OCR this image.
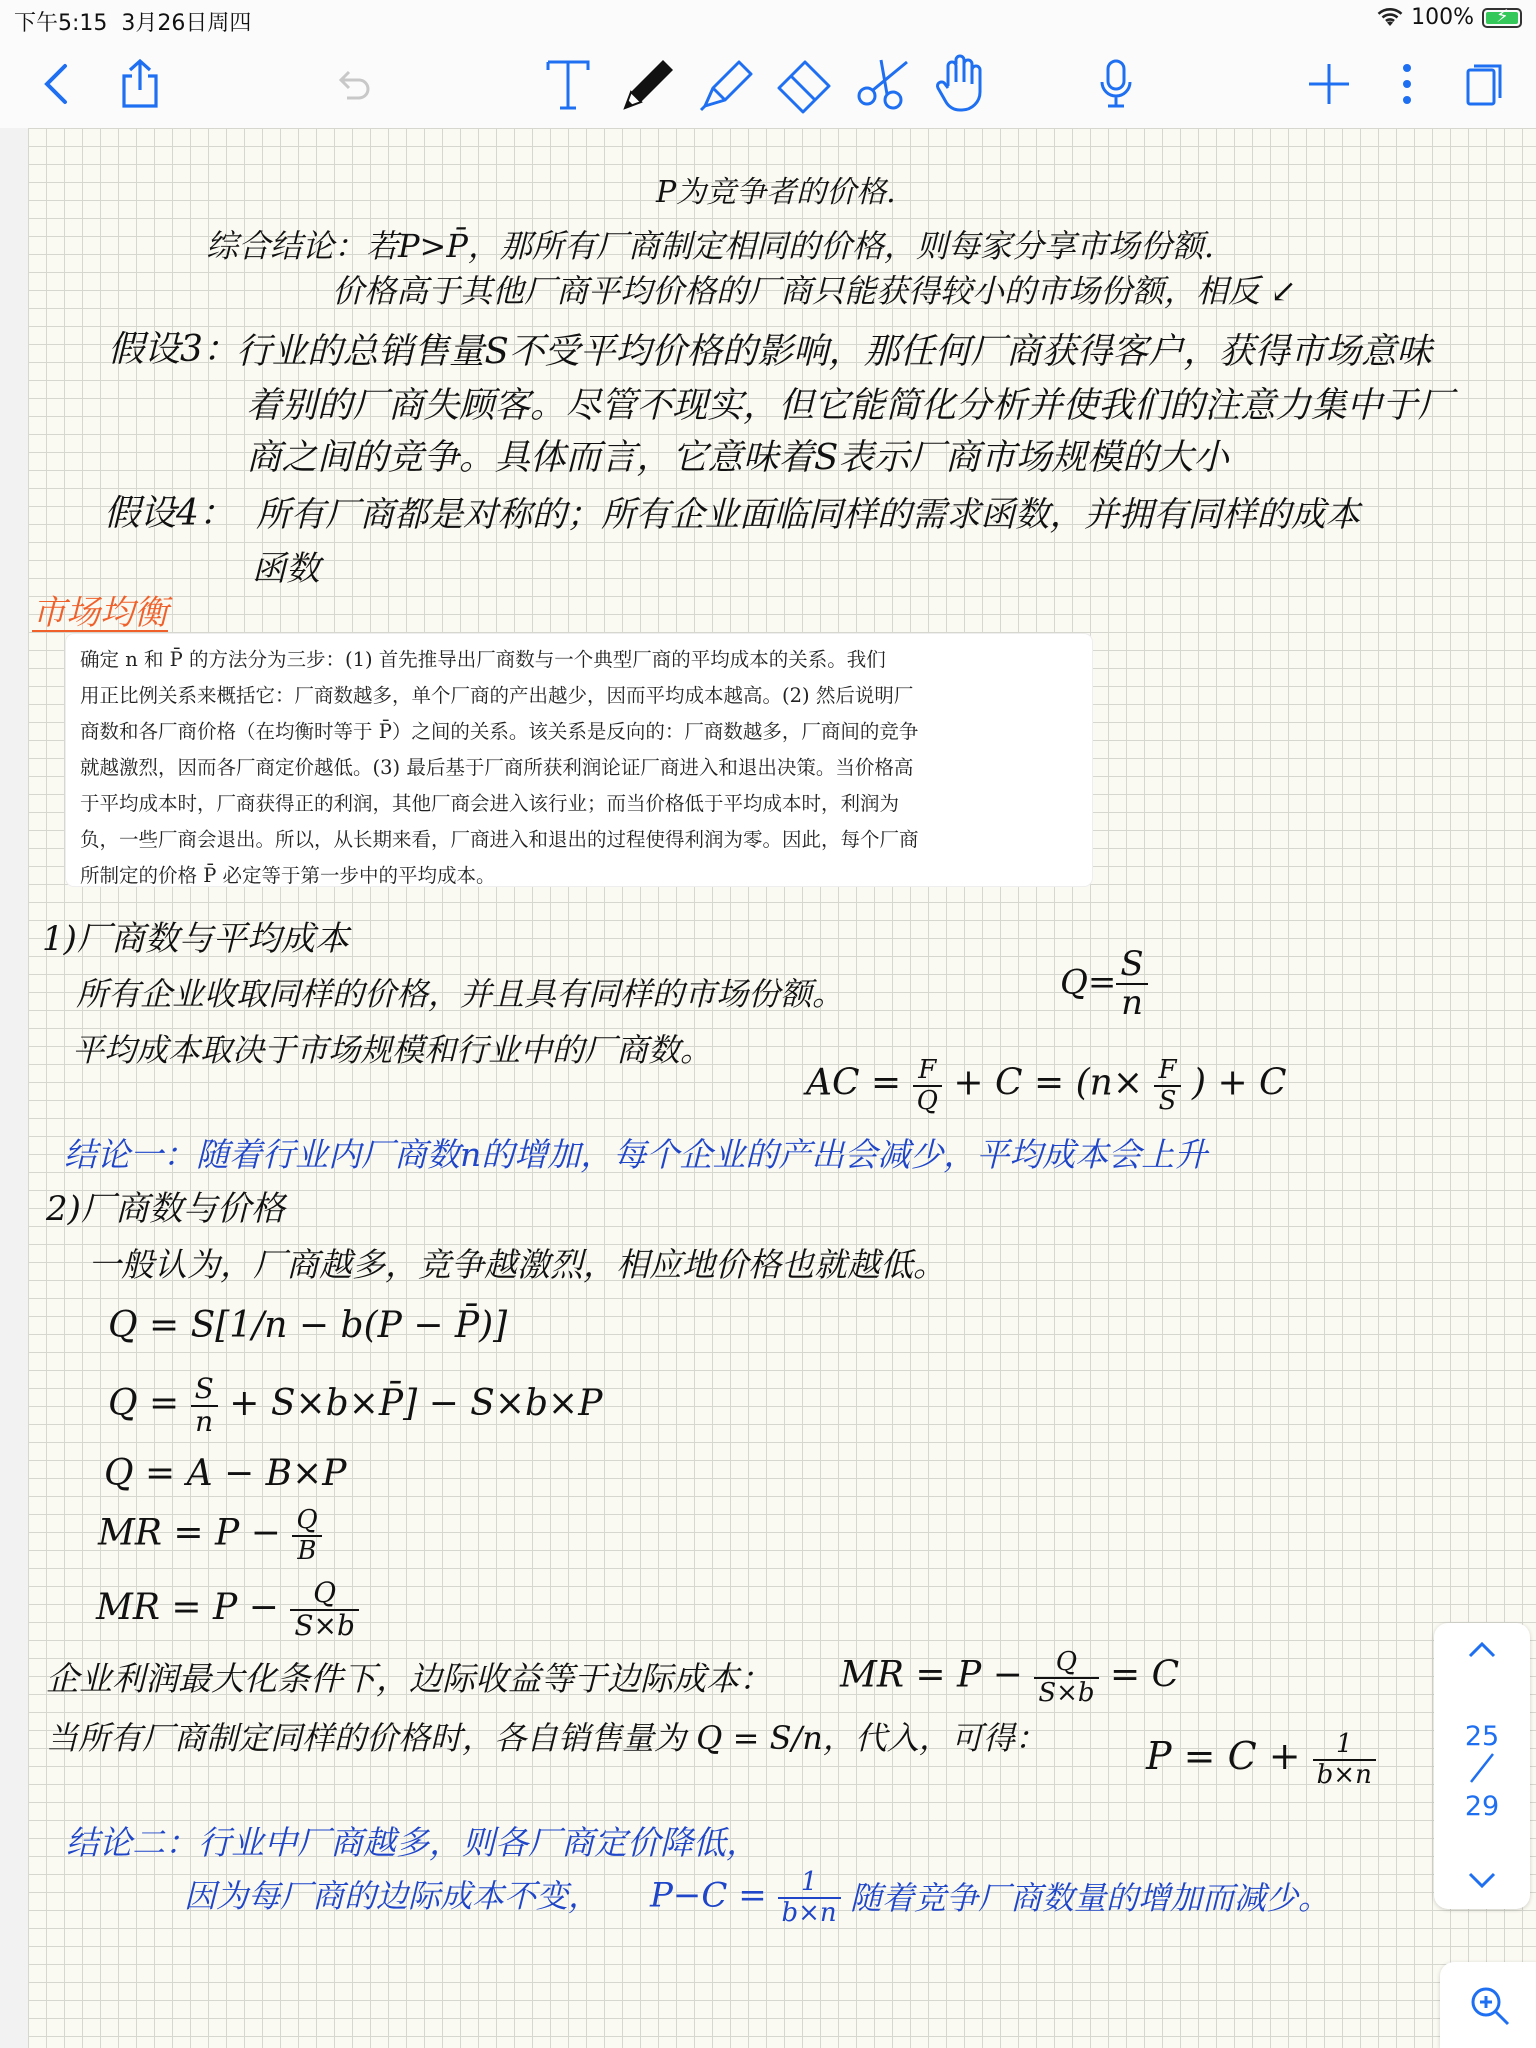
下午5:15 3月26日周四	100% ⚡
P为竞争者的价格.
综合结论：若P>P̄，那所有厂商制定相同的价格，则每家分享市场份额.
价格高于其他厂商平均价格的厂商只能获得较小的市场份额，相反 ↙
假设3：
行业的总销售量S不受平均价格的影响，那任何厂商获得客户，获得市场意味
着别的厂商失顾客。尽管不现实，但它能简化分析并使我们的注意力集中于厂
商之间的竞争。具体而言，它意味着S表示厂商市场规模的大小
假设4： 所有厂商都是对称的；所有企业面临同样的需求函数，并拥有同样的成本
函数
市场均衡

确定 n 和 P̄ 的方法分为三步：(1) 首先推导出厂商数与一个典型厂商的平均成本的关系。我们

用正比例关系来概括它：厂商数越多，单个厂商的产出越少，因而平均成本越高。(2) 然后说明厂

商数和各厂商价格（在均衡时等于 P̄）之间的关系。该关系是反向的：厂商数越多，厂商间的竞争

就越激烈，因而各厂商定价越低。(3) 最后基于厂商所获利润论证厂商进入和退出决策。当价格高

于平均成本时，厂商获得正的利润，其他厂商会进入该行业；而当价格低于平均成本时，利润为

负，一些厂商会退出。所以，从长期来看，厂商进入和退出的过程使得利润为零。因此，每个厂商

所制定的价格 P̄ 必定等于第一步中的平均成本。

1)厂商数与平均成本
所有企业收取同样的价格，并且具有同样的市场份额。
平均成本取决于市场规模和行业中的厂商数。
$Q= \frac{S}{n}$
AC = $\frac{F}{Q} + C = (n\times \frac{F}{S}$ ) + C
结论一：随着行业内厂商数n的增加，每个企业的产出会减少，平均成本会上升
2)厂商数与价格
一般认为，厂商越多，竞争越激烈，相应地价格也就越低。
Q = S[1/n − b(P − P̄)]
$Q = \frac{S}{n}$ + S×b×P̄] − S×b×P
Q = A − B×P
MR = $P - \frac{Q}{B}$
MR = $P - \frac{Q}{S\times b}$
企业利润最大化条件下，边际收益等于边际成本： MR = $P - \frac{Q}{S\times b} = C$
当所有厂商制定同样的价格时，各自销售量为 Q = S/n，代入，可得：	$P = C + \frac{1}{b\times n}$
结论二：行业中厂商越多，则各厂商定价降低，
因为每厂商的边际成本不变， $P-C = \frac{1}{b\times n}$ 随着竞争厂商数量的增加而减少。
25
29
